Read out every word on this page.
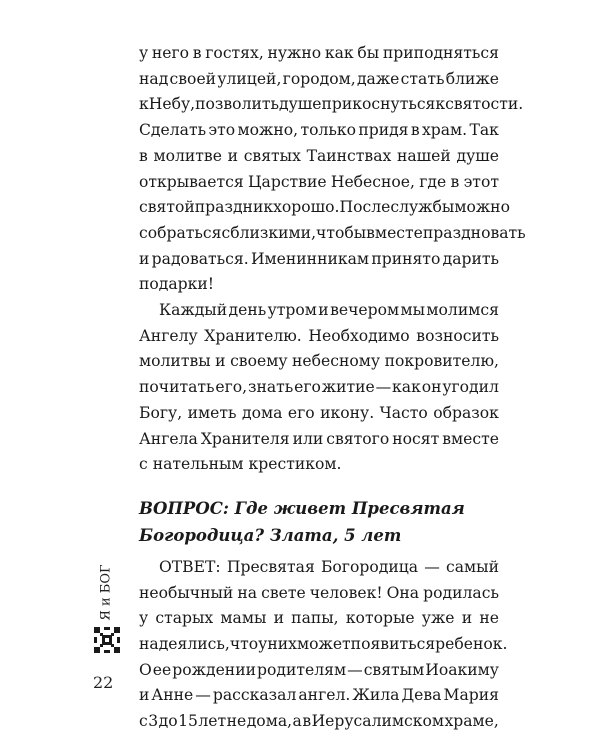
у него в гостях, нужно как бы приподняться
над своей улицей, городом, даже стать ближе
к Небу, позволить душе прикоснуться к святости.
Сделать это можно, только придя в храм. Так
в молитве и святых Таинствах нашей душе
открывается Царствие Небесное, где в этот
святой праздник хорошо. После службы можно
собраться с близкими, чтобы вместе праздновать
и радоваться. Именинникам принято дарить
подарки!
Каждый день утром и вечером мы молимся
Ангелу Хранителю. Необходимо возносить
молитвы и своему небесному покровителю,
почитать его, знать его житие — как он угодил
Богу, иметь дома его икону. Часто образок
Ангела Хранителя или святого носят вместе
с нательным крестиком.
ВОПРОС: Где живет Пресвятая
Богородица? Злата, 5 лет
ОТВЕТ: Пресвятая Богородица — самый
необычный на свете человек! Она родилась
у старых мамы и папы, которые уже и не
надеялись, что у них может появиться ребенок.
О ее рождении родителям — святым Иоакиму
и Анне — рассказал ангел. Жила Дева Мария
с 3 до 15 лет не дома, а в Иерусалимском храме,
Я и БОГ
22
